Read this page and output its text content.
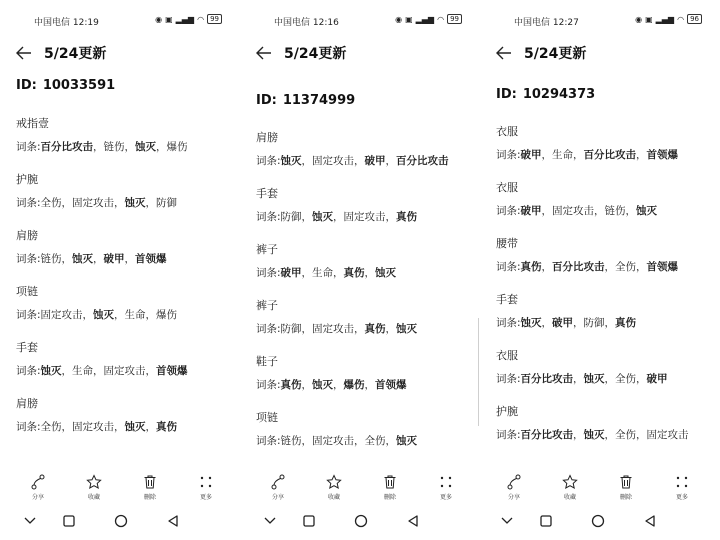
中国电信 12:19	◉ ▣ ▂▄▆ ◠ 99
5/24更新
ID: 10033591
戒指壹
词条:百分比攻击，链伤，蚀灭，爆伤
护腕
词条:全伤，固定攻击，蚀灭，防御
肩膀
词条:链伤，蚀灭，破甲，首领爆
项链
词条:固定攻击，蚀灭，生命，爆伤
手套
词条:蚀灭，生命，固定攻击，首领爆
肩膀
词条:全伤，固定攻击，蚀灭，真伤
分享	收藏	删除	更多
中国电信 12:16	◉ ▣ ▂▄▆ ◠ 99
5/24更新
ID: 11374999
肩膀
词条:蚀灭，固定攻击，破甲，百分比攻击
手套
词条:防御，蚀灭，固定攻击，真伤
裤子
词条:破甲，生命，真伤，蚀灭
裤子
词条:防御，固定攻击，真伤，蚀灭
鞋子
词条:真伤，蚀灭，爆伤，首领爆
项链
词条:链伤，固定攻击，全伤，蚀灭
分享	收藏	删除	更多
中国电信 12:27	◉ ▣ ▂▄▆ ◠ 96
5/24更新
ID: 10294373
衣服
词条:破甲，生命，百分比攻击，首领爆
衣服
词条:破甲，固定攻击，链伤，蚀灭
腰带
词条:真伤，百分比攻击，全伤，首领爆
手套
词条:蚀灭，破甲，防御，真伤
衣服
词条:百分比攻击，蚀灭，全伤，破甲
护腕
词条:百分比攻击，蚀灭，全伤，固定攻击
分享	收藏	删除	更多
